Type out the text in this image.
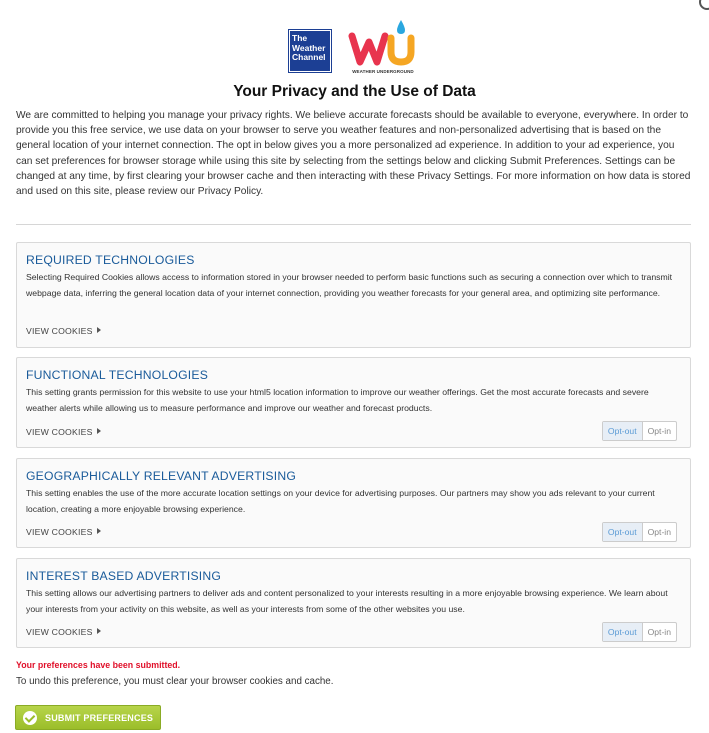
The
Weather
Channel
WEATHER UNDERGROUND
Your Privacy and the Use of Data

We are committed to helping you manage your privacy rights. We believe accurate forecasts should be available to everyone, everywhere. In order to provide you this free service, we use data on your browser to serve you weather features and non-personalized advertising that is based on the general location of your internet connection. The opt in below gives you a more personalized ad experience. In addition to your ad experience, you can set preferences for browser storage while using this site by selecting from the settings below and clicking Submit Preferences. Settings can be changed at any time, by first clearing your browser cache and then interacting with these Privacy Settings. For more information on how data is stored and used on this site, please review our Privacy Policy.

REQUIRED TECHNOLOGIES

Selecting Required Cookies allows access to information stored in your browser needed to perform basic functions such as securing a connection over which to transmit webpage data, inferring the general location data of your internet connection, providing you weather forecasts for your general area, and optimizing site performance.

VIEW COOKIES
FUNCTIONAL TECHNOLOGIES

This setting grants permission for this website to use your html5 location information to improve our weather offerings. Get the most accurate forecasts and severe weather alerts while allowing us to measure performance and improve our weather and forecast products.

VIEW COOKIES	Opt-out	Opt-in
GEOGRAPHICALLY RELEVANT ADVERTISING

This setting enables the use of the more accurate location settings on your device for advertising purposes. Our partners may show you ads relevant to your current location, creating a more enjoyable browsing experience.

VIEW COOKIES	Opt-out	Opt-in
INTEREST BASED ADVERTISING

This setting allows our advertising partners to deliver ads and content personalized to your interests resulting in a more enjoyable browsing experience. We learn about your interests from your activity on this website, as well as your interests from some of the other websites you use.

VIEW COOKIES	Opt-out	Opt-in
Your preferences have been submitted.
To undo this preference, you must clear your browser cookies and cache.
SUBMIT PREFERENCES
